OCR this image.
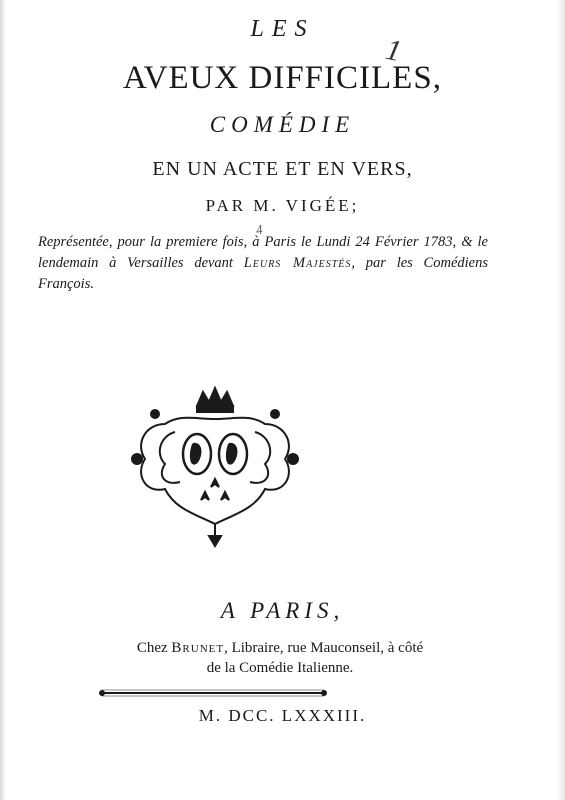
LES
AVEUX DIFFICILES,
COMÉDIE
EN UN ACTE ET EN VERS,
PAR M. VIGÉE;
1
4
Représentée, pour la premiere fois, à Paris le Lundi 24 Février 1783, & le lendemain à Versailles devant Leurs Majestés, par les Comédiens François.
A PARIS,
Chez Brunet, Libraire, rue Mauconseil, à côté
de la Comédie Italienne.
M. DCC. LXXXIII.
